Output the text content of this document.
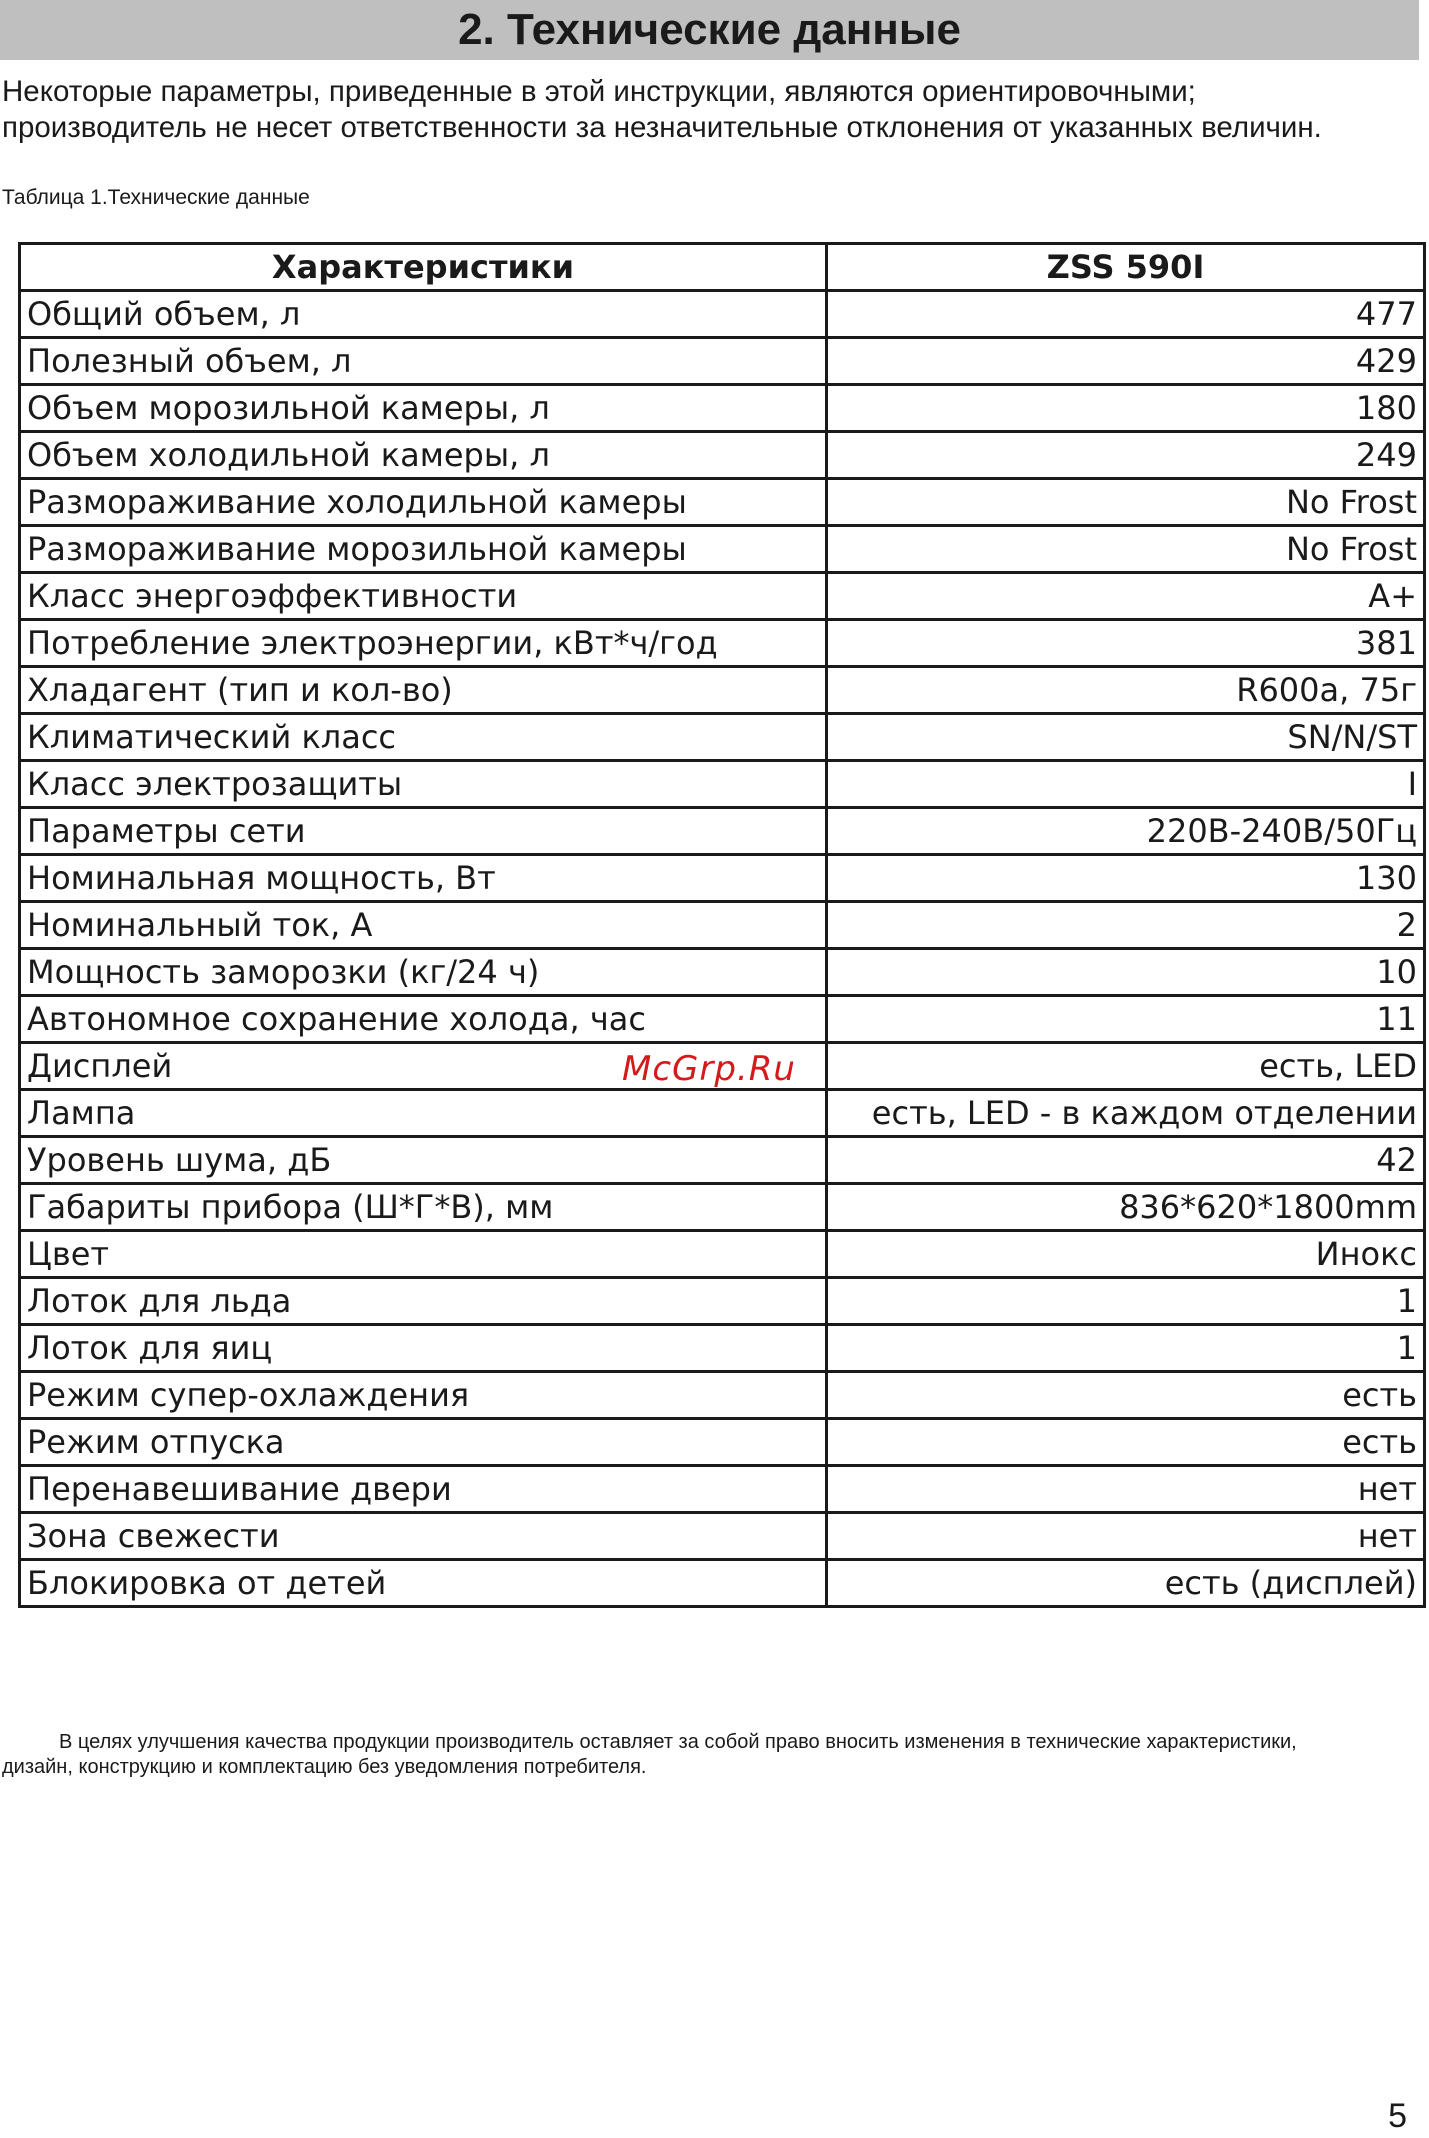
2. Технические данные

Некоторые параметры, приведенные в этой инструкции, являются ориентировочными;
производитель не несет ответственности за незначительные отклонения от указанных величин.

Таблица 1.Технические данные

Характеристики	ZSS 590I
Общий объем, л	477
Полезный объем, л	429
Объем морозильной камеры, л	180
Объем холодильной камеры, л	249
Размораживание холодильной камеры	No Frost
Размораживание морозильной камеры	No Frost
Класс энергоэффективности	A+
Потребление электроэнергии, кВт*ч/год	381
Хладагент (тип и кол-во)	R600a, 75г
Климатический класс	SN/N/ST
Класс электрозащиты	I
Параметры сети	220В-240В/50Гц
Номинальная мощность, Вт	130
Номинальный ток, А	2
Мощность заморозки (кг/24 ч)	10
Автономное сохранение холода, час	11
Дисплей	есть, LED
Лампа	есть, LED - в каждом отделении
Уровень шума, дБ	42
Габариты прибора (Ш*Г*В), мм	836*620*1800mm
Цвет	Инокс
Лоток для льда	1
Лоток для яиц	1
Режим супер-охлаждения	есть
Режим отпуска	есть
Перенавешивание двери	нет
Зона свежести	нет
Блокировка от детей	есть (дисплей)
McGrp.Ru

В целях улучшения качества продукции производитель оставляет за собой право вносить изменения в технические характеристики,
дизайн, конструкцию и комплектацию без уведомления потребителя.

5
